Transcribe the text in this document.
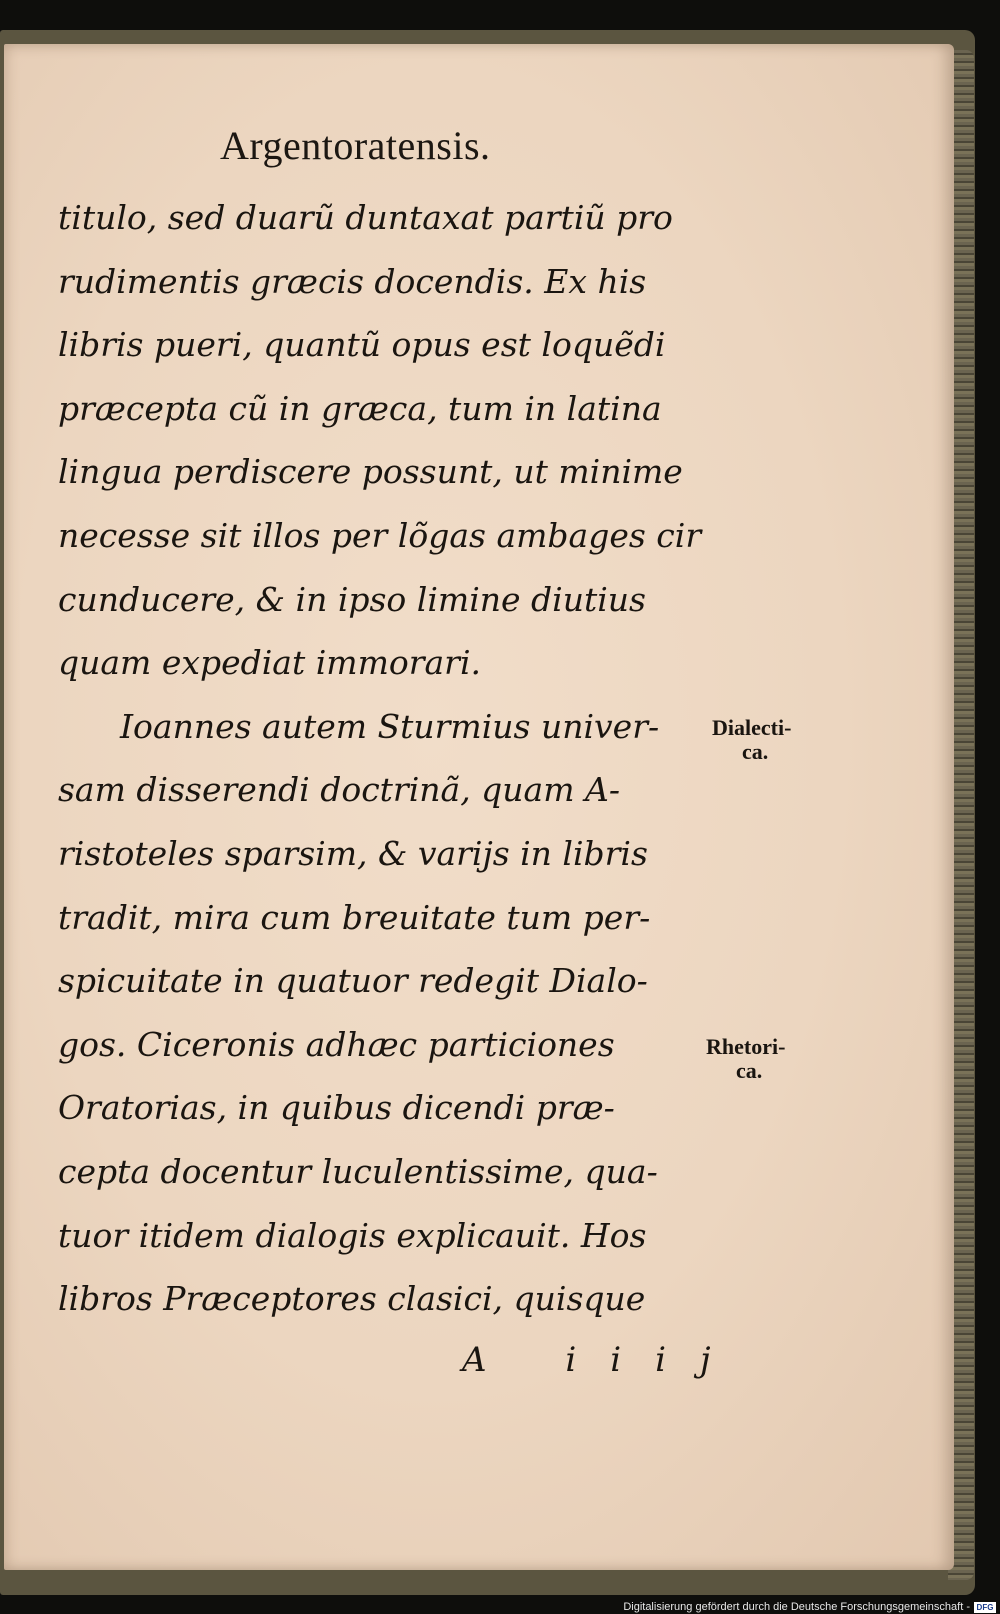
Argentoratensis.
titulo, sed duarũ duntaxat partiũ pro
rudimentis græcis docendis. Ex his
libris pueri, quantũ opus est loquẽdi
præcepta cũ in græca, tum in latina
lingua perdiscere possunt, ut minime
necesse sit illos per lõgas ambages cir
cunducere, & in ipso limine diutius
quam expediat immorari.
Ioannes autem Sturmius univer-
sam disserendi doctrinã, quam A-
ristoteles sparsim, & varijs in libris
tradit, mira cum breuitate tum per-
spicuitate in quatuor redegit Dialo-
gos. Ciceronis adhæc particiones
Oratorias, in quibus dicendi præ-
cepta docentur luculentissime, qua-
tuor itidem dialogis explicauit. Hos
libros Præceptores clasici, quisque
Dialecti-
ca.
Rhetori-
ca.
A iiij
Digitalisierung gefördert durch die Deutsche Forschungsgemeinschaft - DFG
